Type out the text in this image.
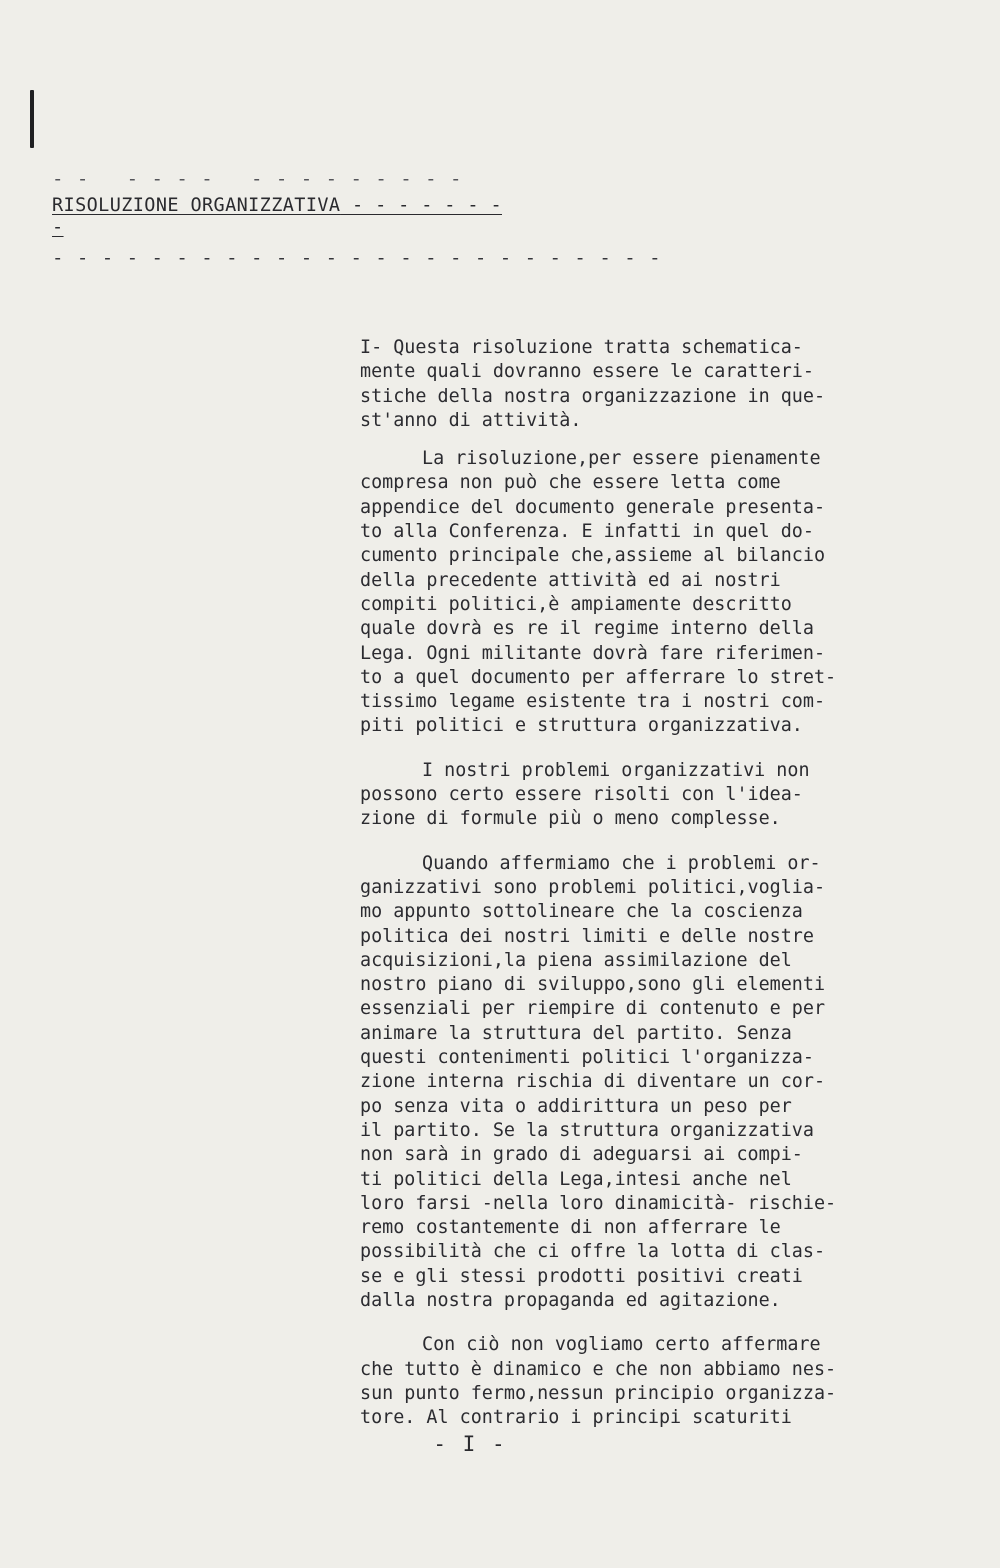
- -   - - - -   - - - - - - - - -
RISOLUZIONE ORGANIZZATIVA - - - - - - - -
- - - - - - - - - - - - - - - - - - - - - - - - -
I- Questa risoluzione tratta schematica-
mente quali dovranno essere le caratteri-
stiche della nostra organizzazione in que-
st'anno di attività.
La risoluzione,per essere pienamente
compresa non può che essere letta come
appendice del documento generale presenta-
to alla Conferenza. E infatti in quel do-
cumento principale che,assieme al bilancio
della precedente attività ed ai nostri
compiti politici,è ampiamente descritto
quale dovrà es re il regime interno della
Lega. Ogni militante dovrà fare riferimen-
to a quel documento per afferrare lo stret-
tissimo legame esistente tra i nostri com-
piti politici e struttura organizzativa.
I nostri problemi organizzativi non
possono certo essere risolti con l'idea-
zione di formule più o meno complesse.
Quando affermiamo che i problemi or-
ganizzativi sono problemi politici,voglia-
mo appunto sottolineare che la coscienza
politica dei nostri limiti e delle nostre
acquisizioni,la piena assimilazione del
nostro piano di sviluppo,sono gli elementi
essenziali per riempire di contenuto e per
animare la struttura del partito. Senza
questi contenimenti politici l'organizza-
zione interna rischia di diventare un cor-
po senza vita o addirittura un peso per
il partito. Se la struttura organizzativa
non sarà in grado di adeguarsi ai compi-
ti politici della Lega,intesi anche nel
loro farsi -nella loro dinamicità- rischie-
remo costantemente di non afferrare le
possibilità che ci offre la lotta di clas-
se e gli stessi prodotti positivi creati
dalla nostra propaganda ed agitazione.
Con ciò non vogliamo certo affermare
che tutto è dinamico e che non abbiamo nes-
sun punto fermo,nessun principio organizza-
tore. Al contrario i principi scaturiti
- I -
